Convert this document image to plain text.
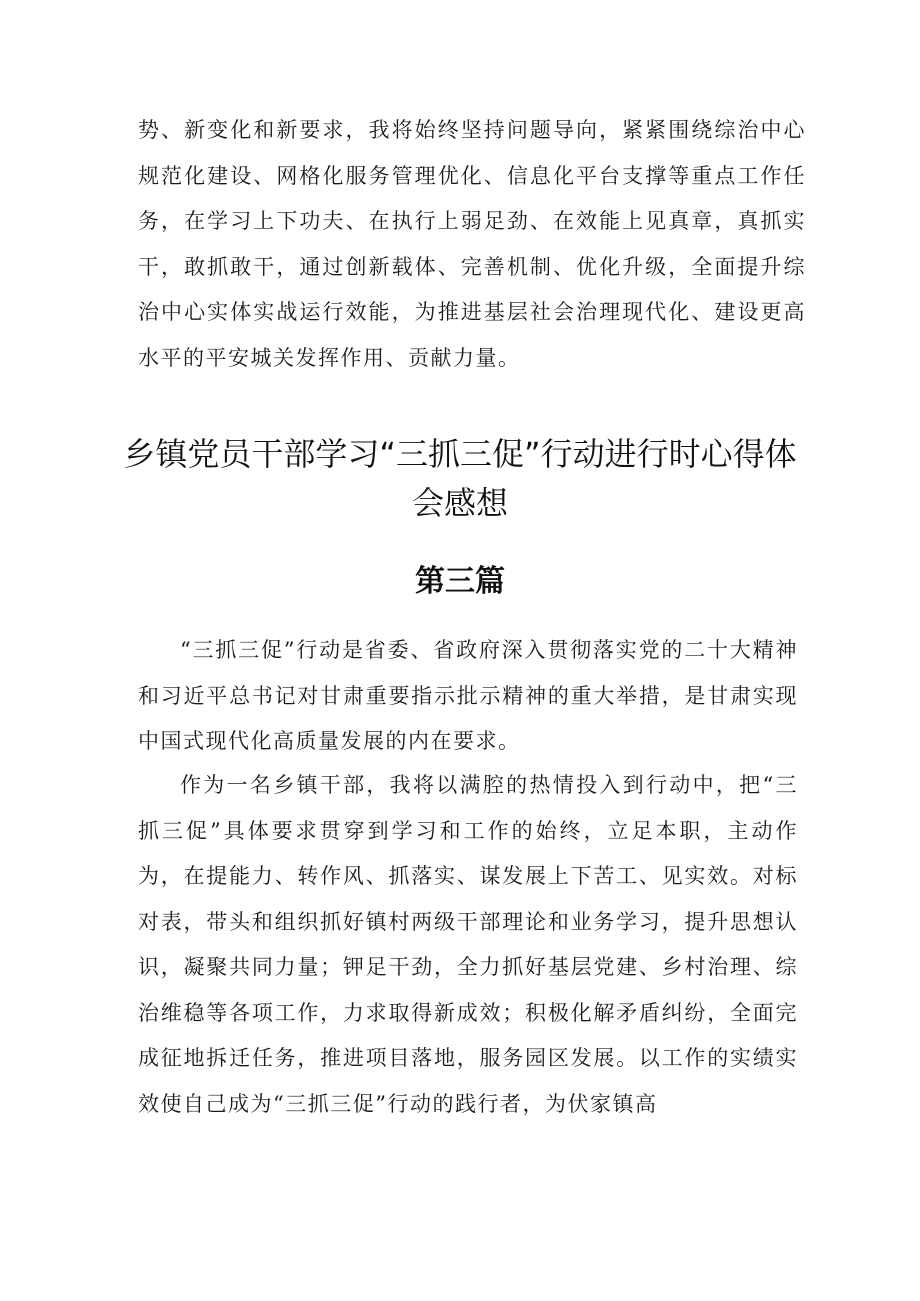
势、新变化和新要求，我将始终坚持问题导向，紧紧围绕综治中心规范化建设、网格化服务管理优化、信息化平台支撑等重点工作任务，在学习上下功夫、在执行上弱足劲、在效能上见真章，真抓实干，敢抓敢干，通过创新载体、完善机制、优化升级，全面提升综治中心实体实战运行效能，为推进基层社会治理现代化、建设更高水平的平安城关发挥作用、贡献力量。

乡镇党员干部学习“三抓三促”行动进行时心得体会感想
第三篇

“三抓三促”行动是省委、省政府深入贯彻落实党的二十大精神和习近平总书记对甘肃重要指示批示精神的重大举措，是甘肃实现中国式现代化高质量发展的内在要求。

作为一名乡镇干部，我将以满腔的热情投入到行动中，把“三抓三促”具体要求贯穿到学习和工作的始终，立足本职，主动作为，在提能力、转作风、抓落实、谋发展上下苦工、见实效。对标对表，带头和组织抓好镇村两级干部理论和业务学习，提升思想认识，凝聚共同力量；钾足干劲，全力抓好基层党建、乡村治理、综治维稳等各项工作，力求取得新成效；积极化解矛盾纠纷，全面完成征地拆迁任务，推进项目落地，服务园区发展。以工作的实绩实效使自己成为“三抓三促”行动的践行者，为伏家镇高
